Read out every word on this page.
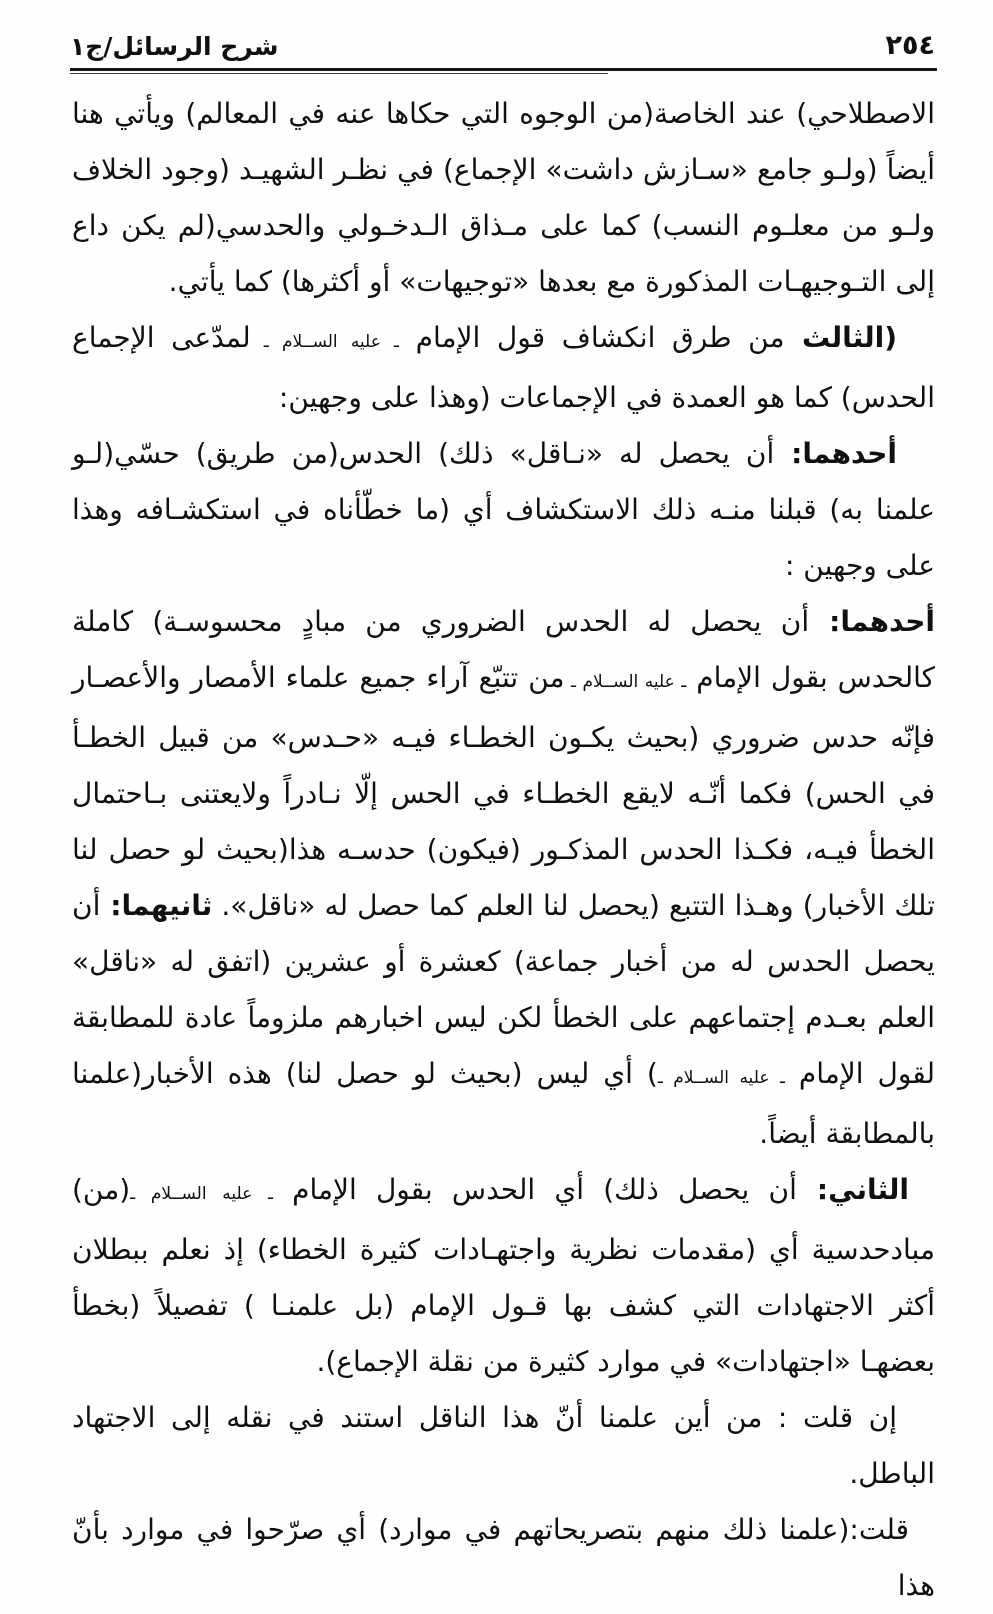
شرح الرسائل/ج١	٢٥٤

الاصطلاحي) عند الخاصة(من الوجوه التي حكاها عنه في المعالم) ويأتي هنا أيضاً (ولـو جامع «سـازش داشت» الإجماع) في نظـر الشهيـد (وجود الخلاف ولـو من معلـوم النسب) كما على مـذاق الـدخـولي والحدسي(لم يكن داع إلى التـوجيهـات المذكورة مع بعدها «توجيهات» أو أكثرها) كما يأتي.

(الثالث من طرق انكشاف قول الإمام ـ عليه الســلام ـ لمدّعى الإجماع الحدس) كما هو العمدة في الإجماعات (وهذا على وجهين:

أحدهما: أن يحصل له «نـاقل» ذلك) الحدس(من طريق) حسّي(لـو علمنا به) قبلنا منـه ذلك الاستكشاف أي (ما خطّأناه في استكشـافه وهذا على وجهين :

أحدهما: أن يحصل له الحدس الضروري من مبادٍ محسوسـة) كاملة كالحدس بقول الإمام ـ عليه الســلام ـ من تتبّع آراء جميع علماء الأمصار والأعصـار فإنّه حدس ضروري (بحيث يكـون الخطـاء فيـه «حـدس» من قبيل الخطـأ في الحس) فكما أنّـه لايقع الخطـاء في الحس إلّا نـادراً ولايعتنى بـاحتمال الخطأ فيـه، فكـذا الحدس المذكـور (فيكون) حدسـه هذا(بحيث لو حصل لنا تلك الأخبار) وهـذا التتبع (يحصل لنا العلم كما حصل له «ناقل». ثانيهما: أن يحصل الحدس له من أخبار جماعة) كعشرة أو عشرين (اتفق له «ناقل» العلم بعـدم إجتماعهم على الخطأ لكن ليس اخبارهم ملزوماً عادة للمطابقة لقول الإمام ـ عليه الســلام ـ) أي ليس (بحيث لو حصل لنا) هذه الأخبار(علمنا بالمطابقة أيضاً.

الثاني: أن يحصل ذلك) أي الحدس بقول الإمام ـ عليه الســلام ـ(من) مبادحدسية أي (مقدمات نظرية واجتهـادات كثيرة الخطاء) إذ نعلم ببطلان أكثر الاجتهادات التي كشف بها قـول الإمام (بل علمنـا ) تفصيلاً (بخطأ بعضهـا «اجتهادات» في موارد كثيرة من نقلة الإجماع).

إن قلت : من أين علمنا أنّ هذا الناقل استند في نقله إلى الاجتهاد الباطل.

قلت:(علمنا ذلك منهم بتصريحاتهم في موارد) أي صرّحوا في موارد بأنّ هذا
